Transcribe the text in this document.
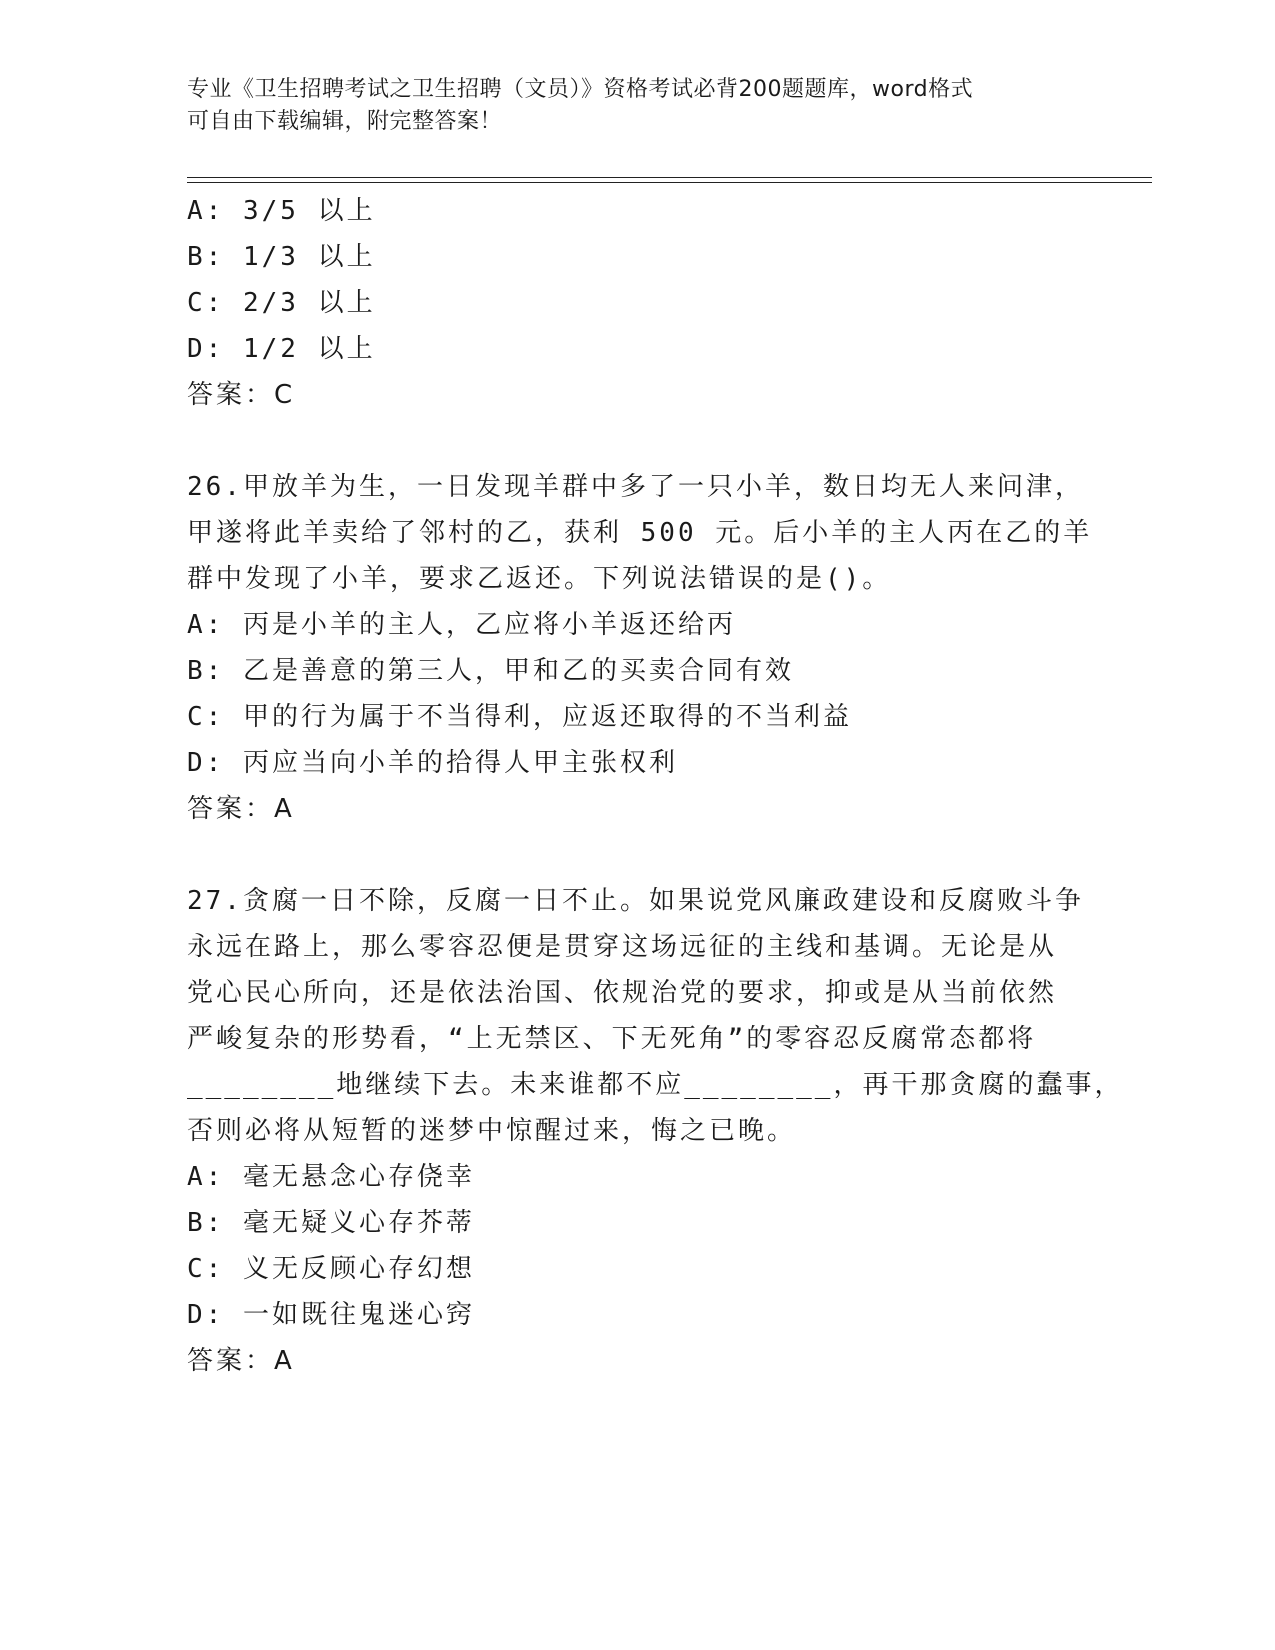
专业《卫生招聘考试之卫生招聘（文员）》资格考试必背200题题库，word格式
可自由下载编辑，附完整答案！
A: 3/5 以上
B: 1/3 以上
C: 2/3 以上
D: 1/2 以上
答案：C
26.甲放羊为生，一日发现羊群中多了一只小羊，数日均无人来问津，
甲遂将此羊卖给了邻村的乙，获利 500 元。后小羊的主人丙在乙的羊
群中发现了小羊，要求乙返还。下列说法错误的是()。
A: 丙是小羊的主人，乙应将小羊返还给丙
B: 乙是善意的第三人，甲和乙的买卖合同有效
C: 甲的行为属于不当得利，应返还取得的不当利益
D: 丙应当向小羊的拾得人甲主张权利
答案：A
27.贪腐一日不除，反腐一日不止。如果说党风廉政建设和反腐败斗争
永远在路上，那么零容忍便是贯穿这场远征的主线和基调。无论是从
党心民心所向，还是依法治国、依规治党的要求，抑或是从当前依然
严峻复杂的形势看，“上无禁区、下无死角”的零容忍反腐常态都将
________地继续下去。未来谁都不应________，再干那贪腐的蠢事，
否则必将从短暂的迷梦中惊醒过来，悔之已晚。
A: 毫无悬念心存侥幸
B: 毫无疑义心存芥蒂
C: 义无反顾心存幻想
D: 一如既往鬼迷心窍
答案：A
